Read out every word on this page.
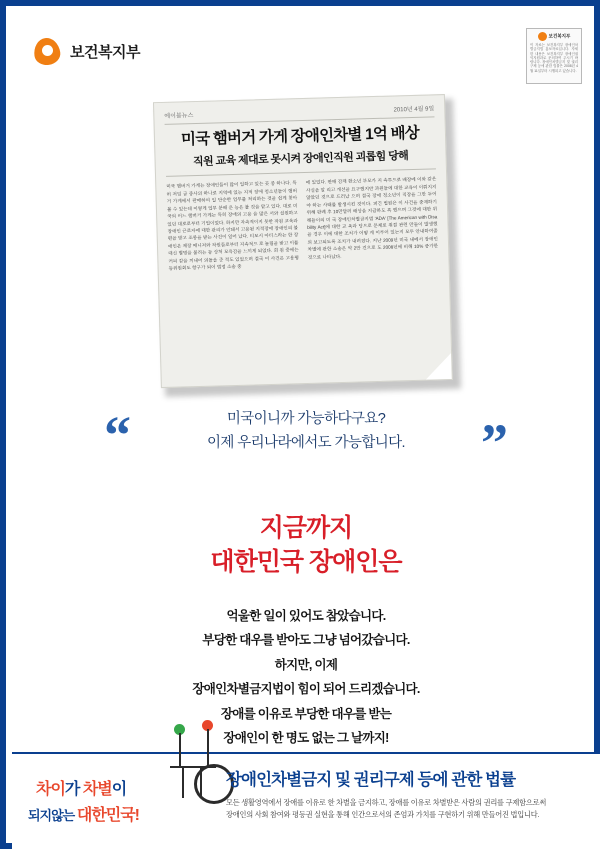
보건복지부
보건복지부
이 자료는 보건복지부 장애인차별금지법 홍보자료입니다. 자세한 내용은 보건복지부 장애인권익지원과로 문의하여 주시기 바랍니다. 장애인차별금지 및 권리구제 등에 관한 법률은 2008년 4월 11일부터 시행되고 있습니다.
에이블뉴스
2010년 4월 9일
미국 햄버거 가게 장애인차별 1억 배상
직원 교육 제대로 못시켜 장애인직원 괴롭힘 당해
미국 햄버거 가게는 장애인들이 많이 일하고 있는 곳 중 하나다. 특히 저임 금 종사의 하나로 지역에 있는 지적 장애 청소년들이 햄버거 가게에서 판매하여 일 단순한 업무를 처리하는 것을 쉽게 찾아 볼 수 있는데 이렇게 업무 분배 운 능은 볼 것을 맡고 있다. 대로 미국의 어느 햄버거 가게는 특히 장애의 고용 을 많은 서와 설원하고 있던 대로로부터 기업이었다. 하지만 자속적이지 못한 작원 교육과 장애인 근로자에 대한 관리가 안돼서 고용된 지적장애 장애인의 불편을 받고 조롱을 받는 사건이 일어 났다. 티모시 아티스라는 한 장애인은 제장 매니저와 작원들로부터 지속적으 로 놀림을 받고 이를 대신 별명을 불리는 등 상처 모욕감을 느끼게 되었다. 회 원 중에는 커피 같을 끼내어 의돌을 준 적도 있었으며 결국 이 사건은 고용평 등위원회도 항구가 되어 법정 소송 중
에 있었다. 판매 감재 환소년 부모가 지 속투으로 배장에 이와 같은 사실을 알 리고 개선을 요구했지만 과원들에 대한 교육이 이뤄지지 않았던 것으로 드러났 으며 결국 장애 청소년이 직장을 그만 두어야 하는 사태를 발생시킨 것이다. 퍼긴 법원은 이 사건을 중재하기 위해 판례 후 10만달러 배상을 지급하도 록 했으며 그것에 대한 위해들이의 미 국 장애인차별금지법 'ADA' [The American with Disability Act]에 대한 교 육과 당으로 문제로 취결 관련 만들이 발생했을 경우 이에 대한 조치가 어떻 게 이루어 있는지 모두 안내하여줄의 보고되도록 조치가 내려졌다. 지난 2009년 미국 내에서 장애인 차별에 관한 소송은 약 2만 건으로 도 2008년에 비해 10% 증가한 것으로 나타났다.
“	”
미국이니까 가능하다구요?
이제 우리나라에서도 가능합니다.
지금까지
대한민국 장애인은
억울한 일이 있어도 참았습니다.
부당한 대우를 받아도 그냥 넘어갔습니다.
하지만, 이제
장애인차별금지법이 힘이 되어 드리겠습니다.
장애를 이유로 부당한 대우를 받는
장애인이 한 명도 없는 그 날까지!
차이가 차별이
되지않는 대한민국!
장애인차별금지 및 권리구제 등에 관한 법률
모든 생활영역에서 장애를 이유로 한 차별을 금지하고, 장애를 이유로 차별받은 사람의 권리를 구제함으로써
장애인의 사회 참여와 평등권 실현을 통해 인간으로서의 존엄과 가치를 구현하기 위해 만들어진 법입니다.
